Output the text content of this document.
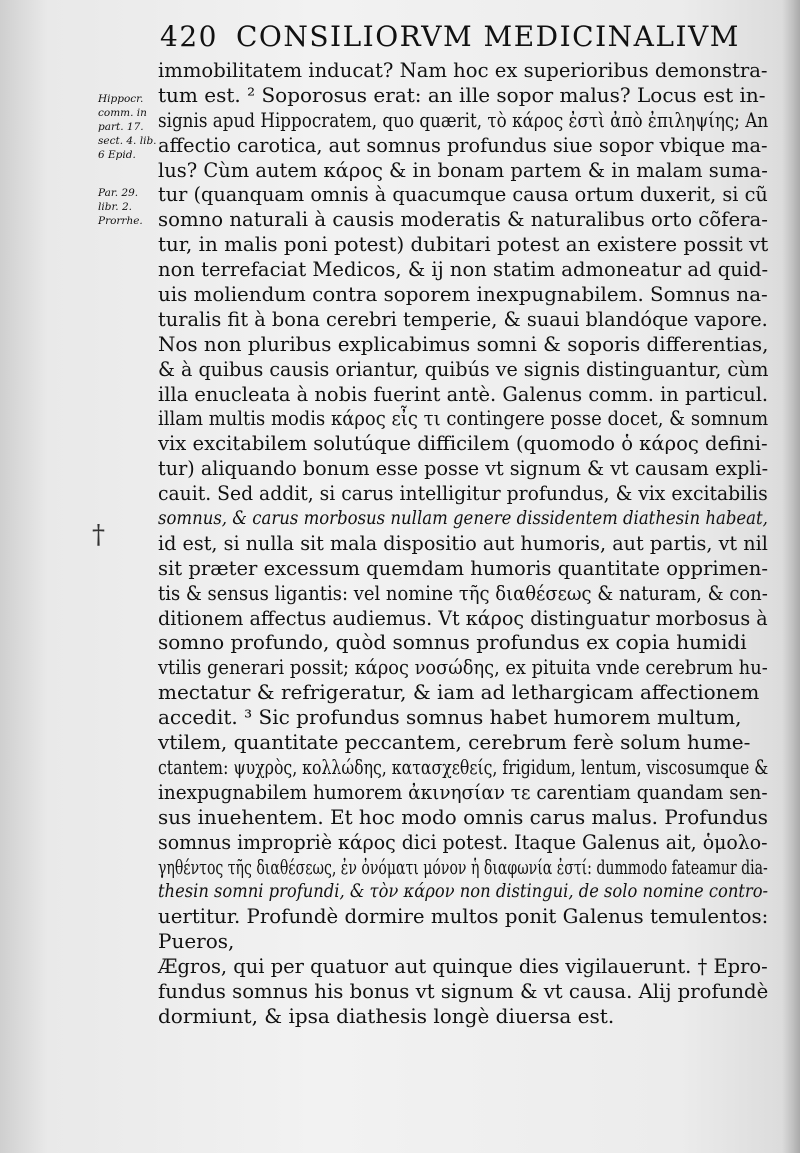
420 CONSILIORVM MEDICINALIVM
Hippocr. comm. in part. 17. sect. 4. lib. 6 Epid.
Par. 29. libr. 2. Prorrhe.
†
immobilitatem inducat? Nam hoc ex superioribus demonstra-
tum est. ² Soporosus erat: an ille sopor malus? Locus est in-
signis apud Hippocratem, quo quærit, τὸ κάρος ἐστὶ ἀπὸ ἐπιληψίης; An
affectio carotica, aut somnus profundus siue sopor vbique ma-
lus? Cùm autem κάρος & in bonam partem & in malam suma-
tur (quanquam omnis à quacumque causa ortum duxerit, si cũ
somno naturali à causis moderatis & naturalibus orto cõfera-
tur, in malis poni potest) dubitari potest an existere possit vt
non terrefaciat Medicos, & ij non statim admoneatur ad quid-
uis moliendum contra soporem inexpugnabilem. Somnus na-
turalis fit à bona cerebri temperie, & suaui blandóque vapore.
Nos non pluribus explicabimus somni & soporis differentias,
& à quibus causis oriantur, quibús ve signis distinguantur, cùm
illa enucleata à nobis fuerint antè. Galenus comm. in particul.
illam multis modis κάρος εἶς τι contingere posse docet, & somnum
vix excitabilem solutúque difficilem (quomodo ὁ κάρος defini-
tur) aliquando bonum esse posse vt signum & vt causam expli-
cauit. Sed addit, si carus intelligitur profundus, & vix excitabilis
somnus, & carus morbosus nullam genere dissidentem diathesin habeat,
id est, si nulla sit mala dispositio aut humoris, aut partis, vt nil
sit præter excessum quemdam humoris quantitate opprimen-
tis & sensus ligantis: vel nomine τῆς διαθέσεως & naturam, & con-
ditionem affectus audiemus. Vt κάρος distinguatur morbosus à
somno profundo, quòd somnus profundus ex copia humidi
vtilis generari possit; κάρος νοσώδης, ex pituita vnde cerebrum hu-
mectatur & refrigeratur, & iam ad lethargicam affectionem
accedit. ³ Sic profundus somnus habet humorem multum,
vtilem, quantitate peccantem, cerebrum ferè solum hume-
ctantem: ψυχρὸς, κολλώδης, κατασχεθείς, frigidum, lentum, viscosumque &
inexpugnabilem humorem ἀκινησίαν τε carentiam quandam sen-
sus inuehentem. Et hoc modo omnis carus malus. Profundus
somnus impropriè κάρος dici potest. Itaque Galenus ait, ὁμολο-
γηθέντος τῆς διαθέσεως, ἐν ὀνόματι μόνον ἡ διαφωνία ἐστί: dummodo fateamur dia-
thesin somni profundi, & τὸν κάρον non distingui, de solo nomine contro-
uertitur. Profundè dormire multos ponit Galenus temulentos:
Pueros,
Ægros, qui per quatuor aut quinque dies vigilauerunt. † Epro-
fundus somnus his bonus vt signum & vt causa. Alij profundè
dormiunt, & ipsa diathesis longè diuersa est.
